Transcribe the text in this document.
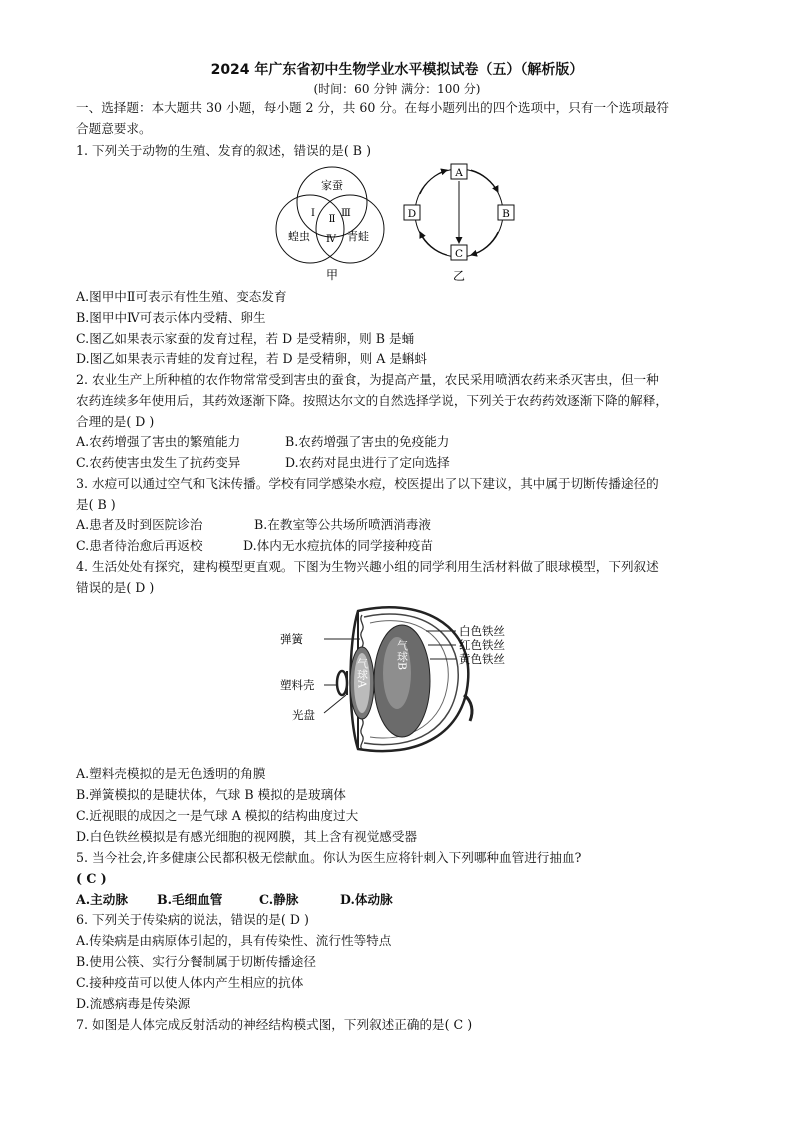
2024 年广东省初中生物学业水平模拟试卷（五）（解析版）
(时间：60 分钟 满分：100 分)
一、选择题：本大题共 30 小题，每小题 2 分，共 60 分。在每小题列出的四个选项中，只有一个选项最符
合题意要求。
1. 下列关于动物的生殖、发育的叙述，错误的是( B )
家蚕
蝗虫	青蛙
Ⅰ
Ⅱ
Ⅲ
Ⅳ
甲
A
B
C
D
乙
A.图甲中Ⅱ可表示有性生殖、变态发育
B.图甲中Ⅳ可表示体内受精、卵生
C.图乙如果表示家蚕的发育过程，若 D 是受精卵，则 B 是蛹
D.图乙如果表示青蛙的发育过程，若 D 是受精卵，则 A 是蝌蚪
2. 农业生产上所种植的农作物常常受到害虫的蚕食，为提高产量，农民采用喷洒农药来杀灭害虫，但一种
农药连续多年使用后，其药效逐渐下降。按照达尔文的自然选择学说，下列关于农药药效逐渐下降的解释，
合理的是( D )
A.农药增强了害虫的繁殖能力	B.农药增强了害虫的免疫能力
C.农药使害虫发生了抗药变异	D.农药对昆虫进行了定向选择
3. 水痘可以通过空气和飞沫传播。学校有同学感染水痘，校医提出了以下建议，其中属于切断传播途径的
是( B )
A.患者及时到医院诊治	B.在教室等公共场所喷洒消毒液
C.患者待治愈后再返校	D.体内无水痘抗体的同学接种疫苗
4. 生活处处有探究，建构模型更直观。下图为生物兴趣小组的同学利用生活材料做了眼球模型，下列叙述
错误的是( D )
弹簧
塑料壳
光盘
白色铁丝
红色铁丝
黄色铁丝
气球A
气球B
A.塑料壳模拟的是无色透明的角膜
B.弹簧模拟的是睫状体，气球 B 模拟的是玻璃体
C.近视眼的成因之一是气球 A 模拟的结构曲度过大
D.白色铁丝模拟是有感光细胞的视网膜，其上含有视觉感受器
5. 当今社会,许多健康公民都积极无偿献血。你认为医生应将针刺入下列哪种血管进行抽血?
( C )
A.主动脉 B.毛细血管	C.静脉	D.体动脉
6. 下列关于传染病的说法，错误的是( D )
A.传染病是由病原体引起的，具有传染性、流行性等特点
B.使用公筷、实行分餐制属于切断传播途径
C.接种疫苗可以使人体内产生相应的抗体
D.流感病毒是传染源
7. 如图是人体完成反射活动的神经结构模式图，下列叙述正确的是( C )
